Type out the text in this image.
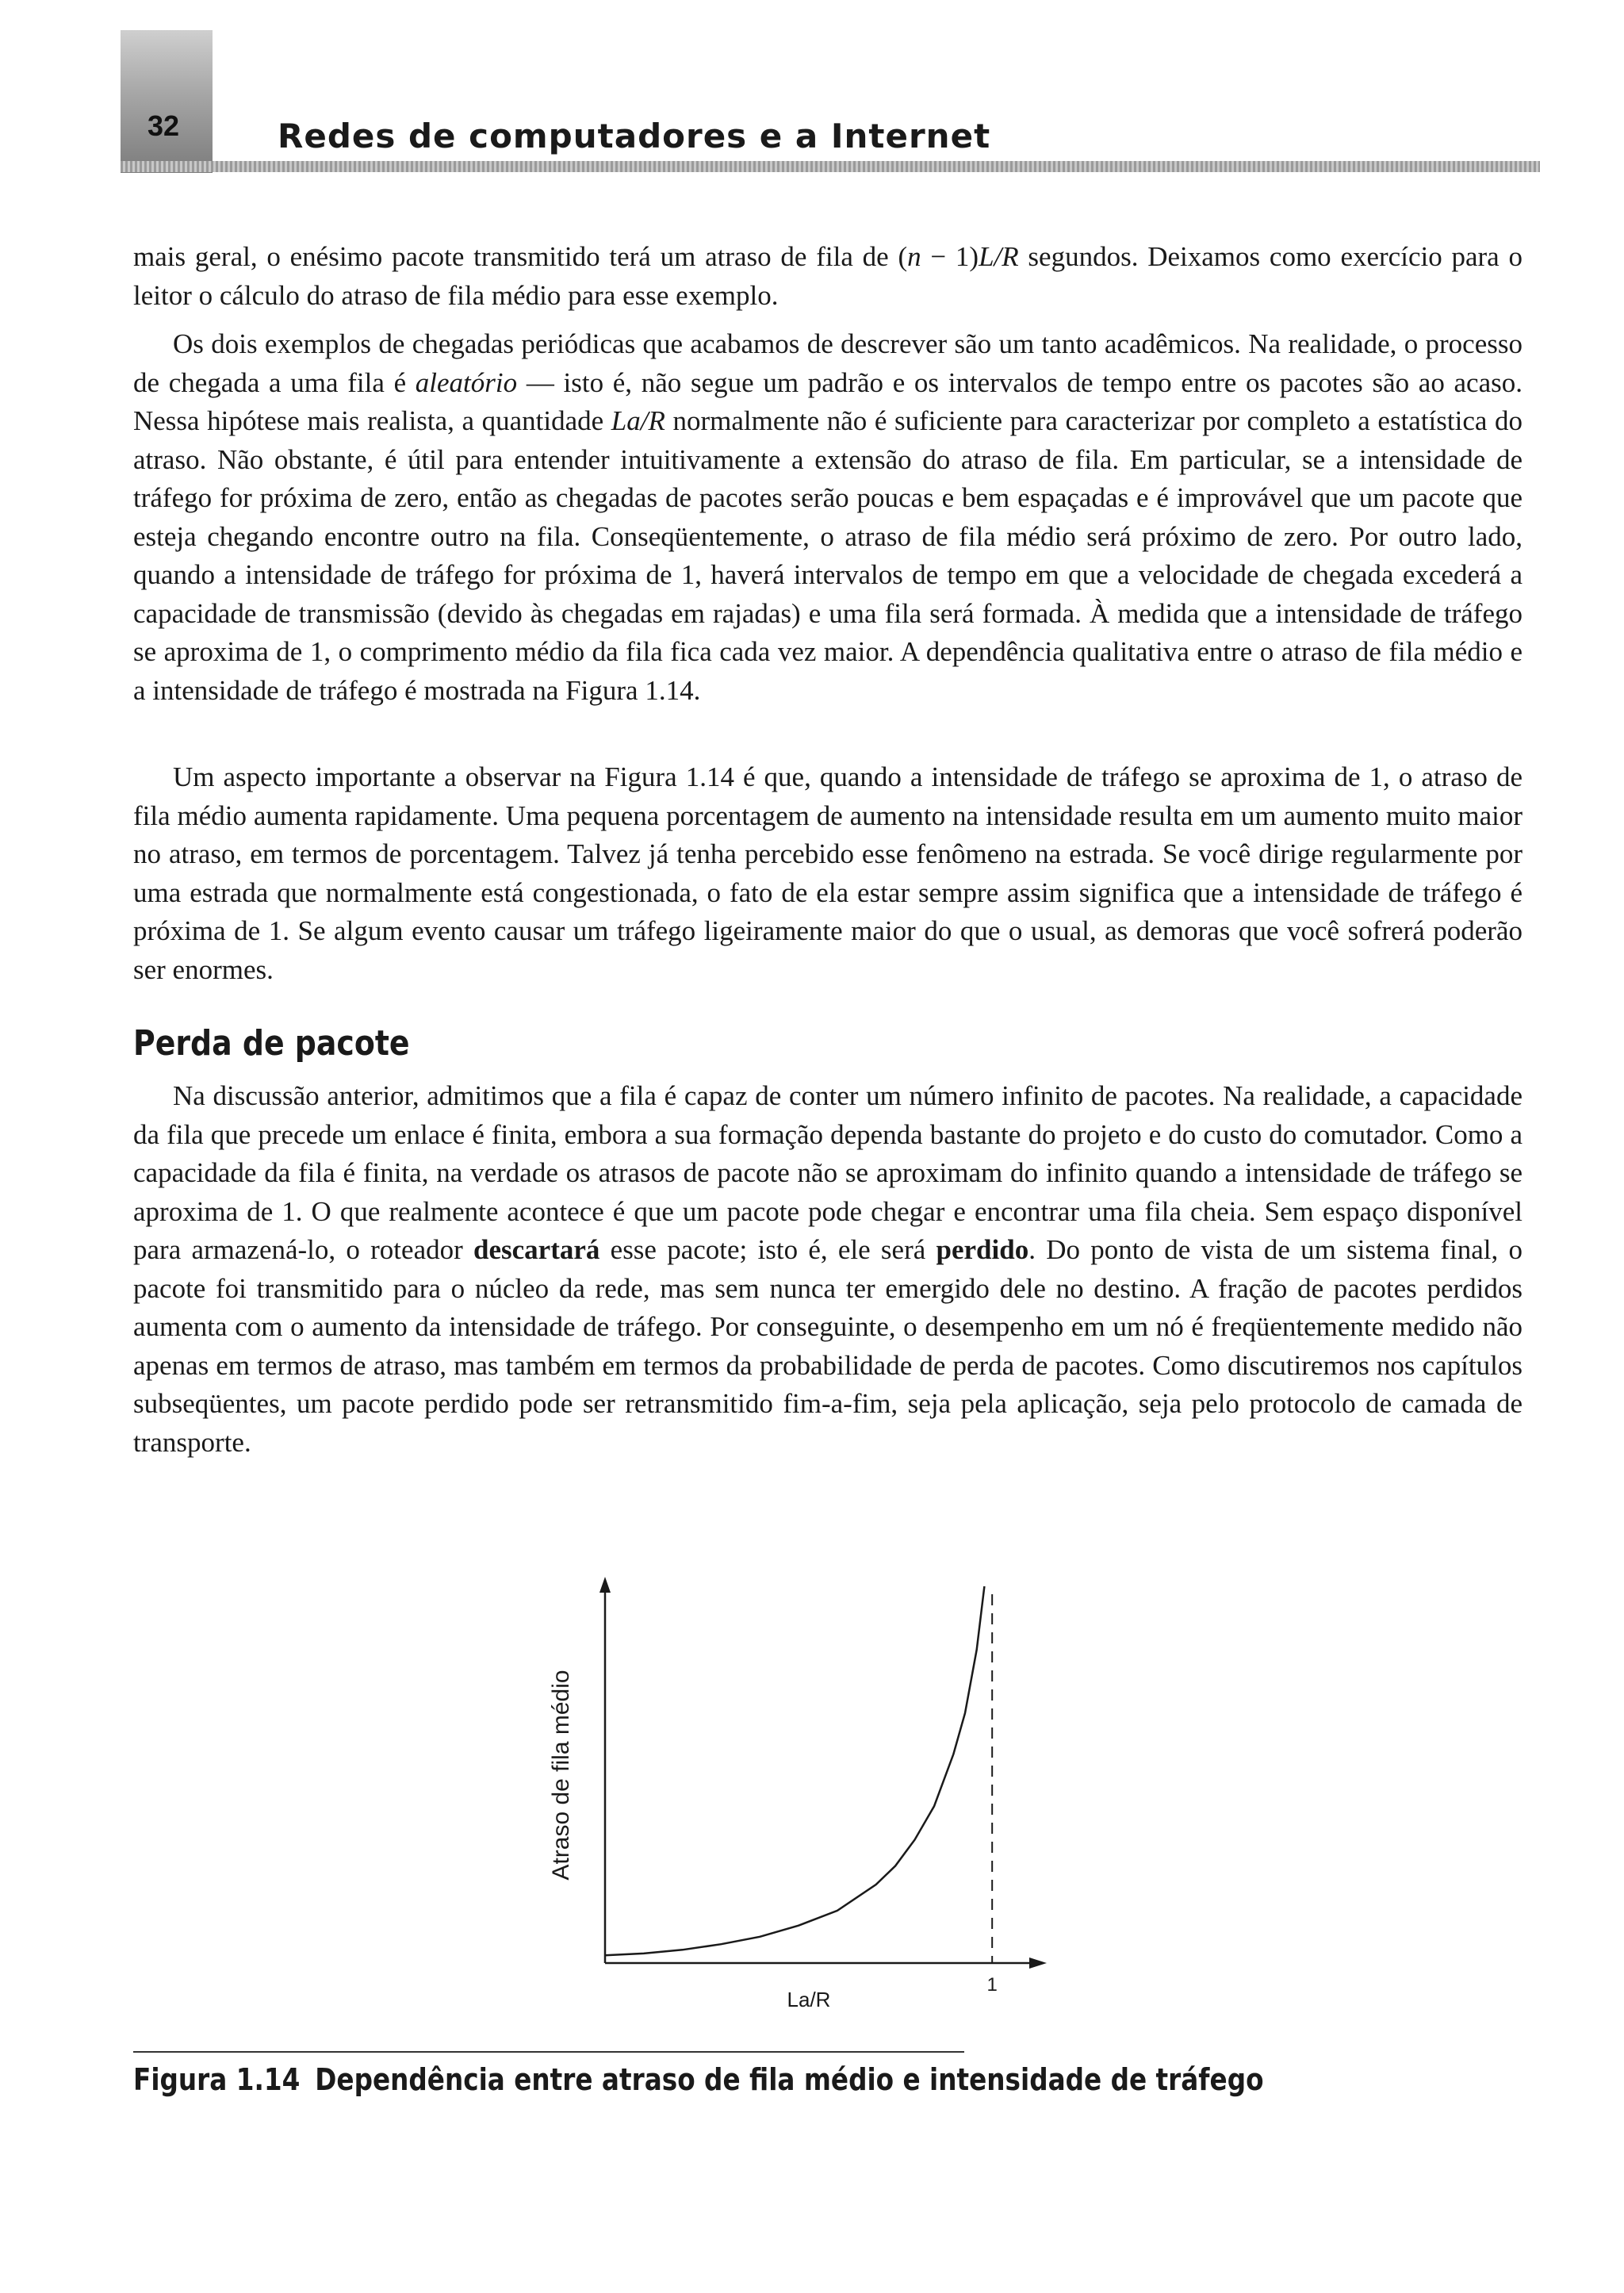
32	Redes de computadores e a Internet

mais geral, o enésimo pacote transmitido terá um atraso de fila de (n − 1)L/R segundos. Deixamos como exercício para o leitor o cálculo do atraso de fila médio para esse exemplo.

Os dois exemplos de chegadas periódicas que acabamos de descrever são um tanto acadêmicos. Na realidade, o processo de chegada a uma fila é aleatório — isto é, não segue um padrão e os intervalos de tempo entre os pacotes são ao acaso. Nessa hipótese mais realista, a quantidade La/R normalmente não é suficiente para caracterizar por completo a estatística do atraso. Não obstante, é útil para entender intuitivamente a extensão do atraso de fila. Em particular, se a intensidade de tráfego for próxima de zero, então as chegadas de pacotes serão poucas e bem espaçadas e é improvável que um pacote que esteja chegando encontre outro na fila. Conseqüentemente, o atraso de fila médio será próximo de zero. Por outro lado, quando a intensidade de tráfego for próxima de 1, haverá intervalos de tempo em que a velocidade de chegada excederá a capacidade de transmissão (devido às chegadas em rajadas) e uma fila será formada. À medida que a intensidade de tráfego se aproxima de 1, o comprimento médio da fila fica cada vez maior. A dependência qualitativa entre o atraso de fila médio e a intensidade de tráfego é mostrada na Figura 1.14.

Um aspecto importante a observar na Figura 1.14 é que, quando a intensidade de tráfego se aproxima de 1, o atraso de fila médio aumenta rapidamente. Uma pequena porcentagem de aumento na intensidade resulta em um aumento muito maior no atraso, em termos de porcentagem. Talvez já tenha percebido esse fenômeno na estrada. Se você dirige regularmente por uma estrada que normalmente está congestionada, o fato de ela estar sempre assim significa que a intensidade de tráfego é próxima de 1. Se algum evento causar um tráfego ligeiramente maior do que o usual, as demoras que você sofrerá poderão ser enormes.

Perda de pacote

Na discussão anterior, admitimos que a fila é capaz de conter um número infinito de pacotes. Na realidade, a capacidade da fila que precede um enlace é finita, embora a sua formação dependa bastante do projeto e do custo do comutador. Como a capacidade da fila é finita, na verdade os atrasos de pacote não se aproximam do infinito quando a intensidade de tráfego se aproxima de 1. O que realmente acontece é que um pacote pode chegar e encontrar uma fila cheia. Sem espaço disponível para armazená-lo, o roteador descartará esse pacote; isto é, ele será perdido. Do ponto de vista de um sistema final, o pacote foi transmitido para o núcleo da rede, mas sem nunca ter emergido dele no destino. A fração de pacotes perdidos aumenta com o aumento da intensidade de tráfego. Por conseguinte, o desempenho em um nó é freqüentemente medido não apenas em termos de atraso, mas também em termos da probabilidade de perda de pacotes. Como discutiremos nos capítulos subseqüentes, um pacote perdido pode ser retransmitido fim-a-fim, seja pela aplicação, seja pelo protocolo de camada de transporte.

1
La/R
Atraso de fila médio

Figura 1.14 Dependência entre atraso de fila médio e intensidade de tráfego
